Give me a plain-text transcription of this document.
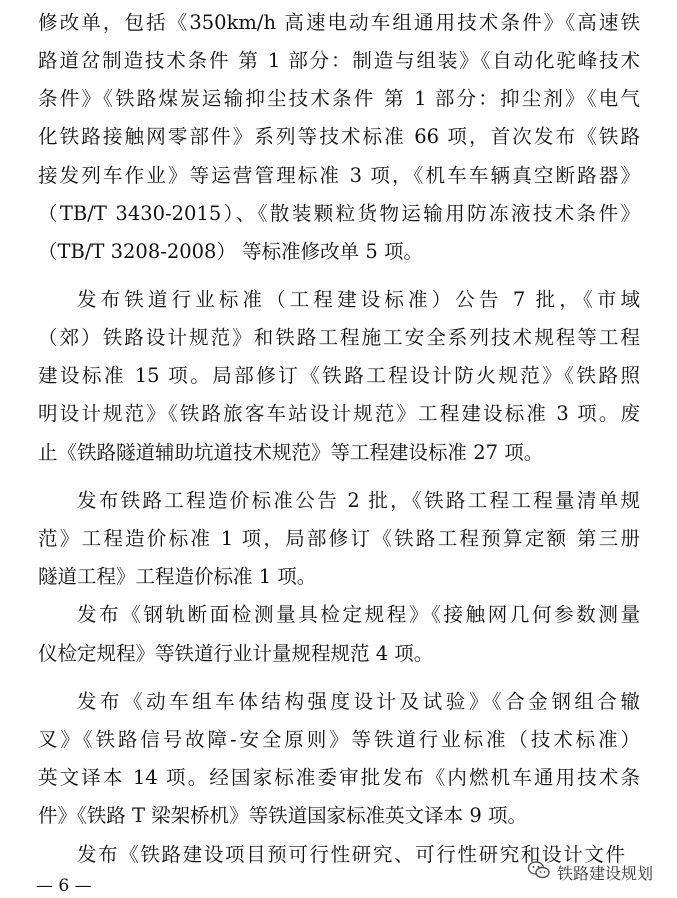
修改单，包括《350km/h 高速电动车组通用技术条件》《高速铁
路道岔制造技术条件 第 1 部分：制造与组装》《自动化驼峰技术
条件》《铁路煤炭运输抑尘技术条件 第 1 部分：抑尘剂》《电气
化铁路接触网零部件》系列等技术标准 66 项，首次发布《铁路
接发列车作业》等运营管理标准 3 项，《机车车辆真空断路器》
（TB/T 3430-2015）、《散装颗粒货物运输用防冻液技术条件》
（TB/T 3208-2008） 等标准修改单 5 项。
发布铁道行业标准（工程建设标准）公告 7 批，《市域
（郊）铁路设计规范》和铁路工程施工安全系列技术规程等工程
建设标准 15 项。局部修订《铁路工程设计防火规范》《铁路照
明设计规范》《铁路旅客车站设计规范》工程建设标准 3 项。废
止《铁路隧道辅助坑道技术规范》等工程建设标准 27 项。
发布铁路工程造价标准公告 2 批，《铁路工程工程量清单规
范》工程造价标准 1 项，局部修订《铁路工程预算定额 第三册
隧道工程》工程造价标准 1 项。
发布《钢轨断面检测量具检定规程》《接触网几何参数测量
仪检定规程》等铁道行业计量规程规范 4 项。
发布《动车组车体结构强度设计及试验》《合金钢组合辙
叉》《铁路信号故障-安全原则》等铁道行业标准（技术标准）
英文译本 14 项。经国家标准委审批发布《内燃机车通用技术条
件》《铁路 T 梁架桥机》等铁道国家标准英文译本 9 项。
发布《铁路建设项目预可行性研究、可行性研究和设计文件
— 6 —
铁路建设规划
